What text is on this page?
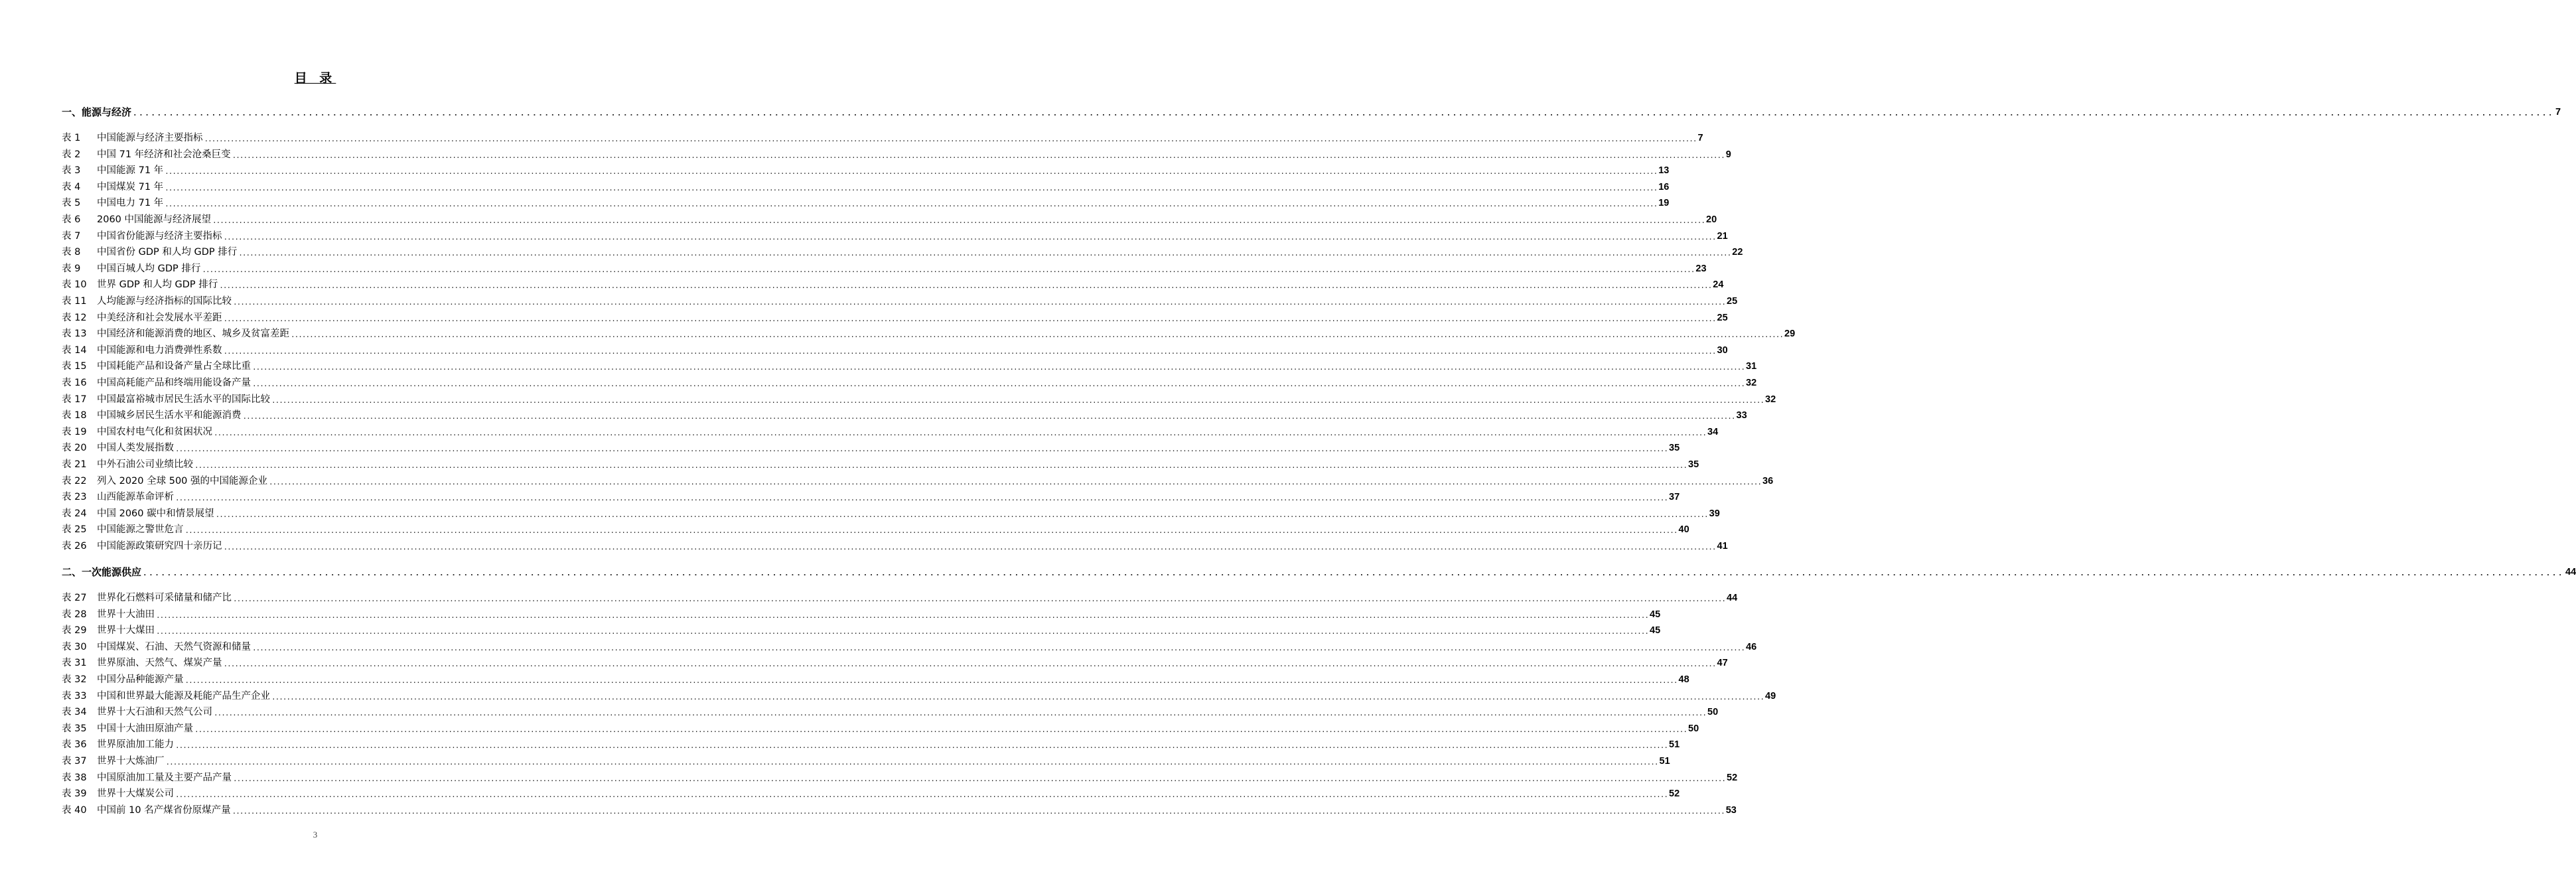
目 录
一、能源与经济 ................................................................................................................................................................................................................................................................................................................................................................................................................ 7
表 1 中国能源与经济主要指标 ................................................................................................................................................................................................................................................................................................................................................................................................................ 7
表 2 中国 71 年经济和社会沧桑巨变 ................................................................................................................................................................................................................................................................................................................................................................................................................ 9
表 3 中国能源 71 年 ................................................................................................................................................................................................................................................................................................................................................................................................................ 13
表 4 中国煤炭 71 年 ................................................................................................................................................................................................................................................................................................................................................................................................................ 16
表 5 中国电力 71 年 ................................................................................................................................................................................................................................................................................................................................................................................................................ 19
表 6 2060 中国能源与经济展望 ................................................................................................................................................................................................................................................................................................................................................................................................................ 20
表 7 中国省份能源与经济主要指标 ................................................................................................................................................................................................................................................................................................................................................................................................................ 21
表 8 中国省份 GDP 和人均 GDP 排行 ................................................................................................................................................................................................................................................................................................................................................................................................................ 22
表 9 中国百城人均 GDP 排行 ................................................................................................................................................................................................................................................................................................................................................................................................................ 23
表 10 世界 GDP 和人均 GDP 排行 ................................................................................................................................................................................................................................................................................................................................................................................................................ 24
表 11 人均能源与经济指标的国际比较 ................................................................................................................................................................................................................................................................................................................................................................................................................ 25
表 12 中美经济和社会发展水平差距 ................................................................................................................................................................................................................................................................................................................................................................................................................ 25
表 13 中国经济和能源消费的地区、城乡及贫富差距 ................................................................................................................................................................................................................................................................................................................................................................................................................ 29
表 14 中国能源和电力消费弹性系数 ................................................................................................................................................................................................................................................................................................................................................................................................................ 30
表 15 中国耗能产品和设备产量占全球比重 ................................................................................................................................................................................................................................................................................................................................................................................................................ 31
表 16 中国高耗能产品和终端用能设备产量 ................................................................................................................................................................................................................................................................................................................................................................................................................ 32
表 17 中国最富裕城市居民生活水平的国际比较 ................................................................................................................................................................................................................................................................................................................................................................................................................ 32
表 18 中国城乡居民生活水平和能源消费 ................................................................................................................................................................................................................................................................................................................................................................................................................ 33
表 19 中国农村电气化和贫困状况 ................................................................................................................................................................................................................................................................................................................................................................................................................ 34
表 20 中国人类发展指数 ................................................................................................................................................................................................................................................................................................................................................................................................................ 35
表 21 中外石油公司业绩比较 ................................................................................................................................................................................................................................................................................................................................................................................................................ 35
表 22 列入 2020 全球 500 强的中国能源企业 ................................................................................................................................................................................................................................................................................................................................................................................................................ 36
表 23 山西能源革命评析 ................................................................................................................................................................................................................................................................................................................................................................................................................ 37
表 24 中国 2060 碳中和情景展望 ................................................................................................................................................................................................................................................................................................................................................................................................................ 39
表 25 中国能源之警世危言 ................................................................................................................................................................................................................................................................................................................................................................................................................ 40
表 26 中国能源政策研究四十亲历记 ................................................................................................................................................................................................................................................................................................................................................................................................................ 41
二、一次能源供应 ................................................................................................................................................................................................................................................................................................................................................................................................................ 44
表 27 世界化石燃料可采储量和储产比 ................................................................................................................................................................................................................................................................................................................................................................................................................ 44
表 28 世界十大油田 ................................................................................................................................................................................................................................................................................................................................................................................................................ 45
表 29 世界十大煤田 ................................................................................................................................................................................................................................................................................................................................................................................................................ 45
表 30 中国煤炭、石油、天然气资源和储量 ................................................................................................................................................................................................................................................................................................................................................................................................................ 46
表 31 世界原油、天然气、煤炭产量 ................................................................................................................................................................................................................................................................................................................................................................................................................ 47
表 32 中国分品种能源产量 ................................................................................................................................................................................................................................................................................................................................................................................................................ 48
表 33 中国和世界最大能源及耗能产品生产企业 ................................................................................................................................................................................................................................................................................................................................................................................................................ 49
表 34 世界十大石油和天然气公司 ................................................................................................................................................................................................................................................................................................................................................................................................................ 50
表 35 中国十大油田原油产量 ................................................................................................................................................................................................................................................................................................................................................................................................................ 50
表 36 世界原油加工能力 ................................................................................................................................................................................................................................................................................................................................................................................................................ 51
表 37 世界十大炼油厂 ................................................................................................................................................................................................................................................................................................................................................................................................................ 51
表 38 中国原油加工量及主要产品产量 ................................................................................................................................................................................................................................................................................................................................................................................................................ 52
表 39 世界十大煤炭公司 ................................................................................................................................................................................................................................................................................................................................................................................................................ 52
表 40 中国前 10 名产煤省份原煤产量 ................................................................................................................................................................................................................................................................................................................................................................................................................ 53
3
